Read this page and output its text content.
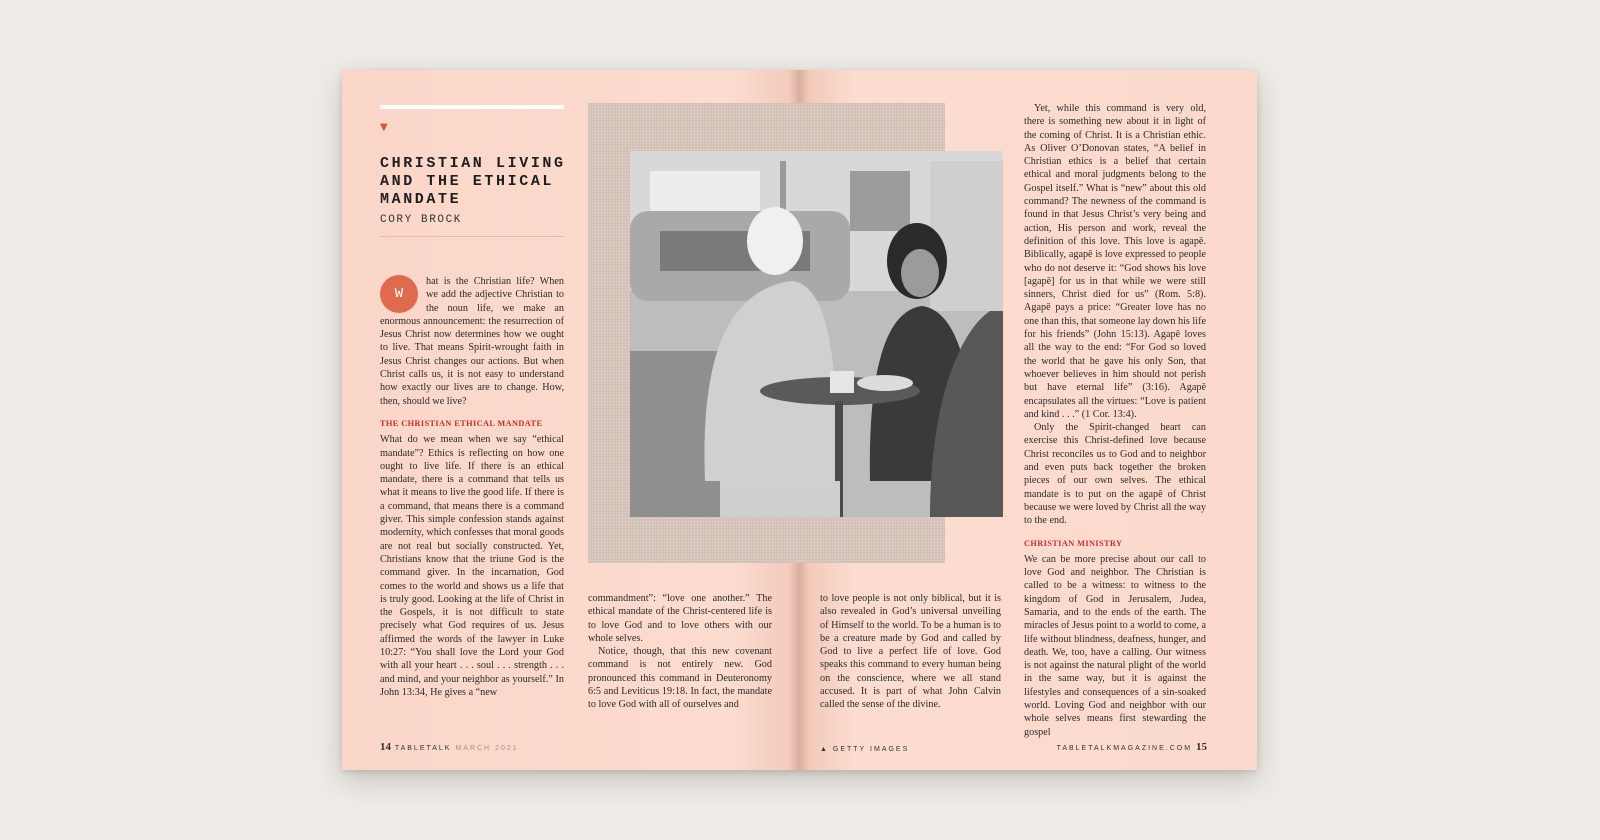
▼
CHRISTIAN LIVING AND THE ETHICAL MANDATE
CORY BROCK

W
hat is the Christian life? When we add the adjective Christian to the noun life, we make an enormous announcement: the resurrection of Jesus Christ now determines how we ought to live. That means Spirit-wrought faith in Jesus Christ changes our actions. But when Christ calls us, it is not easy to understand how exactly our lives are to change. How, then, should we live?

THE CHRISTIAN ETHICAL MANDATE

What do we mean when we say “ethical mandate”? Ethics is reflecting on how one ought to live life. If there is an ethical mandate, there is a command that tells us what it means to live the good life. If there is a command, that means there is a command giver. This simple confession stands against modernity, which confesses that moral goods are not real but socially constructed. Yet, Christians know that the triune God is the command giver. In the incarnation, God comes to the world and shows us a life that is truly good. Looking at the life of Christ in the Gospels, it is not difficult to state precisely what God requires of us. Jesus affirmed the words of the lawyer in Luke 10:27: “You shall love the Lord your God with all your heart . . . soul . . . strength . . . and mind, and your neighbor as yourself.” In John 13:34, He gives a “new

commandment”: “love one another.” The ethical mandate of the Christ-centered life is to love God and to love others with our whole selves.

Notice, though, that this new covenant command is not entirely new. God pronounced this command in Deuteronomy 6:5 and Leviticus 19:18. In fact, the mandate to love God with all of ourselves and

14 TABLETALK MARCH 2021

to love people is not only biblical, but it is also revealed in God’s universal unveiling of Himself to the world. To be a human is to be a creature made by God and called by God to live a perfect life of love. God speaks this command to every human being on the conscience, where we all stand accused. It is part of what John Calvin called the sense of the divine.

Yet, while this command is very old, there is something new about it in light of the coming of Christ. It is a Christian ethic. As Oliver O’Donovan states, “A belief in Christian ethics is a belief that certain ethical and moral judgments belong to the Gospel itself.” What is “new” about this old command? The newness of the command is found in that Jesus Christ’s very being and action, His person and work, reveal the definition of this love. This love is agapē. Biblically, agapē is love expressed to people who do not deserve it: “God shows his love [agapē] for us in that while we were still sinners, Christ died for us” (Rom. 5:8). Agapē pays a price: “Greater love has no one than this, that someone lay down his life for his friends” (John 15:13). Agapē loves all the way to the end: “For God so loved the world that he gave his only Son, that whoever believes in him should not perish but have eternal life” (3:16). Agapē encapsulates all the virtues: “Love is patient and kind . . .” (1 Cor. 13:4).

Only the Spirit-changed heart can exercise this Christ-defined love because Christ reconciles us to God and to neighbor and even puts back together the broken pieces of our own selves. The ethical mandate is to put on the agapē of Christ because we were loved by Christ all the way to the end.

CHRISTIAN MINISTRY

We can be more precise about our call to love God and neighbor. The Christian is called to be a witness: to witness to the kingdom of God in Jerusalem, Judea, Samaria, and to the ends of the earth. The miracles of Jesus point to a world to come, a life without blindness, deafness, hunger, and death. We, too, have a calling. Our witness is not against the natural plight of the world in the same way, but it is against the lifestyles and consequences of a sin-soaked world. Loving God and neighbor with our whole selves means first stewarding the gospel

▲ GETTY IMAGES	TABLETALKMAGAZINE.COM 15
